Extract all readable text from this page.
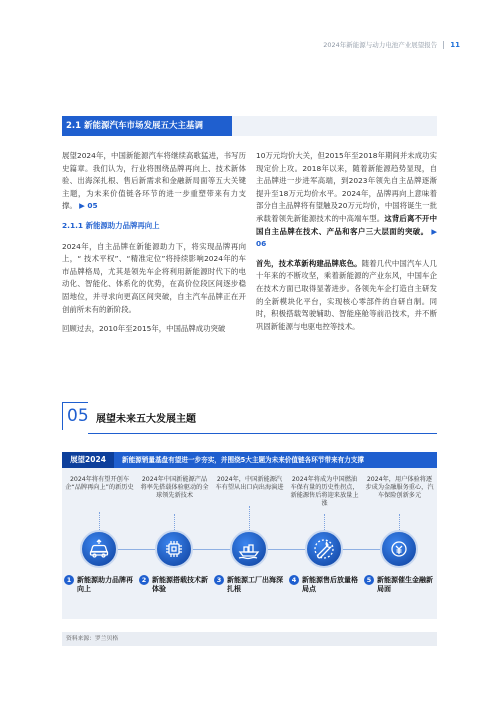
2024年新能源与动力电池产业展望报告 11
2.1 新能源汽车市场发展五大主基调

展望2024年，中国新能源汽车将继续高歌猛进，书写历史篇章。我们认为，行业将围绕品牌再向上、技术新体验、出海深扎根、售后新需求和金融新局面等五大关键主题，为未来价值链各环节的进一步重塑带来有力支撑。 ▶ 05

2.1.1 新能源助力品牌再向上

2024年，自主品牌在新能源助力下，将实现品牌再向上，“ 技术平权”、“精准定位”将持续影响2024年的车市品牌格局，尤其是领先车企将利用新能源时代下的电动化、智能化、体系化的优势，在高价位段区间逐步稳固地位，并寻求向更高区间突破，自主汽车品牌正在开创前所未有的新阶段。

回顾过去，2010年至2015年，中国品牌成功突破

10万元均价大关，但2015年至2018年期间并未成功实现定价上攻。2018年以来，随着新能源趋势显现，自主品牌进一步进军高端，到2023年领先自主品牌逐渐提升至18万元均价水平。2024年，品牌再向上意味着部分自主品牌将有望触及20万元均价，中国将诞生一批承载着领先新能源技术的中高端车型。这背后离不开中国自主品牌在技术、产品和客户三大层面的突破。 ▶ 06

首先，技术革新构建品牌底色。随着几代中国汽车人几十年来的不断攻坚，乘着新能源的产业东风，中国车企在技术方面已取得显著进步。各领先车企打造自主研发的全新模块化平台，实现核心零部件的自研自制。同时，积极搭载驾驶辅助、智能座舱等前沿技术，并不断巩固新能源与电驱电控等技术。

05 展望未来五大发展主题
展望2024	新能源销量基盘有望进一步夯实，并围绕5大主题为未来价值链各环节带来有力支撑
2024年将有望开创车企“品牌再向上”的新历史
1 新能源助力品牌再向上
2024年中国新能源产品将率先搭载体验驱动的全球领先新技术
2 新能源搭载技术新体验
2024年，中国新能源汽车有望从出口向出海演进
3 新能源工厂出海深扎根
2024年将成为中国燃油车保有量的历史性拐点，新能源售后将迎来放量上涨
4 新能源售后放量格局点
2024年，用户体验将逐步成为金融服务重心，汽车保险创新多元
5 新能源催生金融新局面
资料来源：罗兰贝格
